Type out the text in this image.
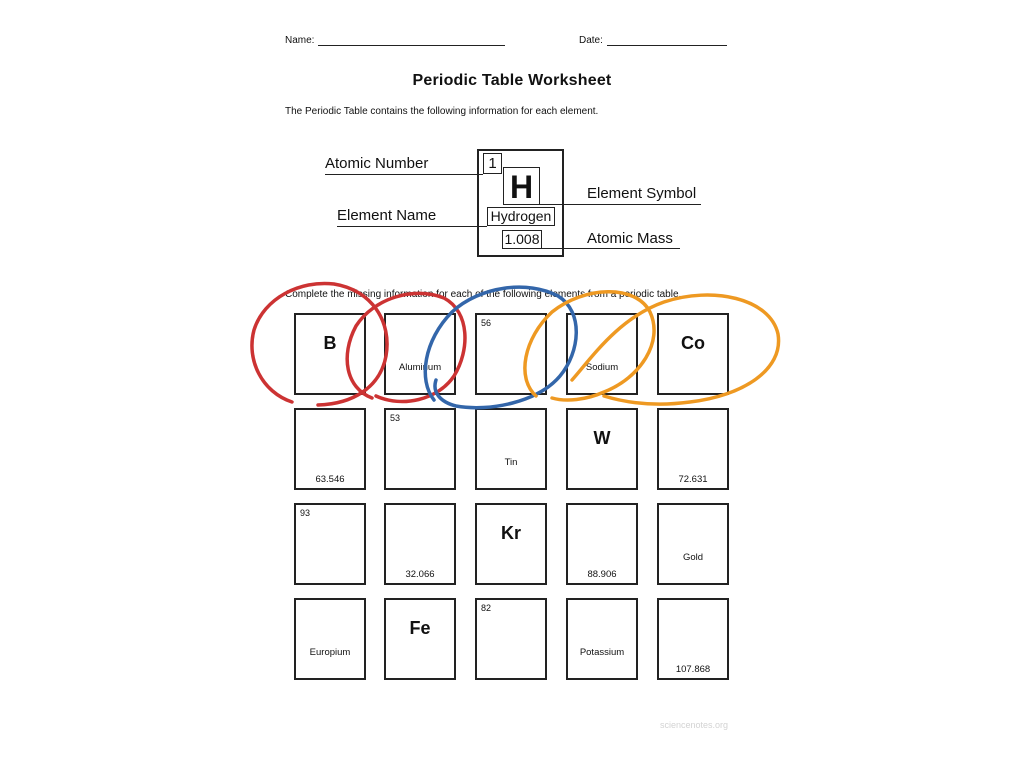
Name:	Date:
Periodic Table Worksheet
The Periodic Table contains the following information for each element.
1
H
Hydrogen
1.008
Atomic Number
Element Symbol
Element Name
Atomic Mass
Complete the missing information for each of the following elements from a periodic table.
B
Aluminum
56
Sodium
Co
63.546
53
Tin
W
72.631
93
32.066
Kr
88.906
Gold
Europium
Fe
82
Potassium
107.868
sciencenotes.org
